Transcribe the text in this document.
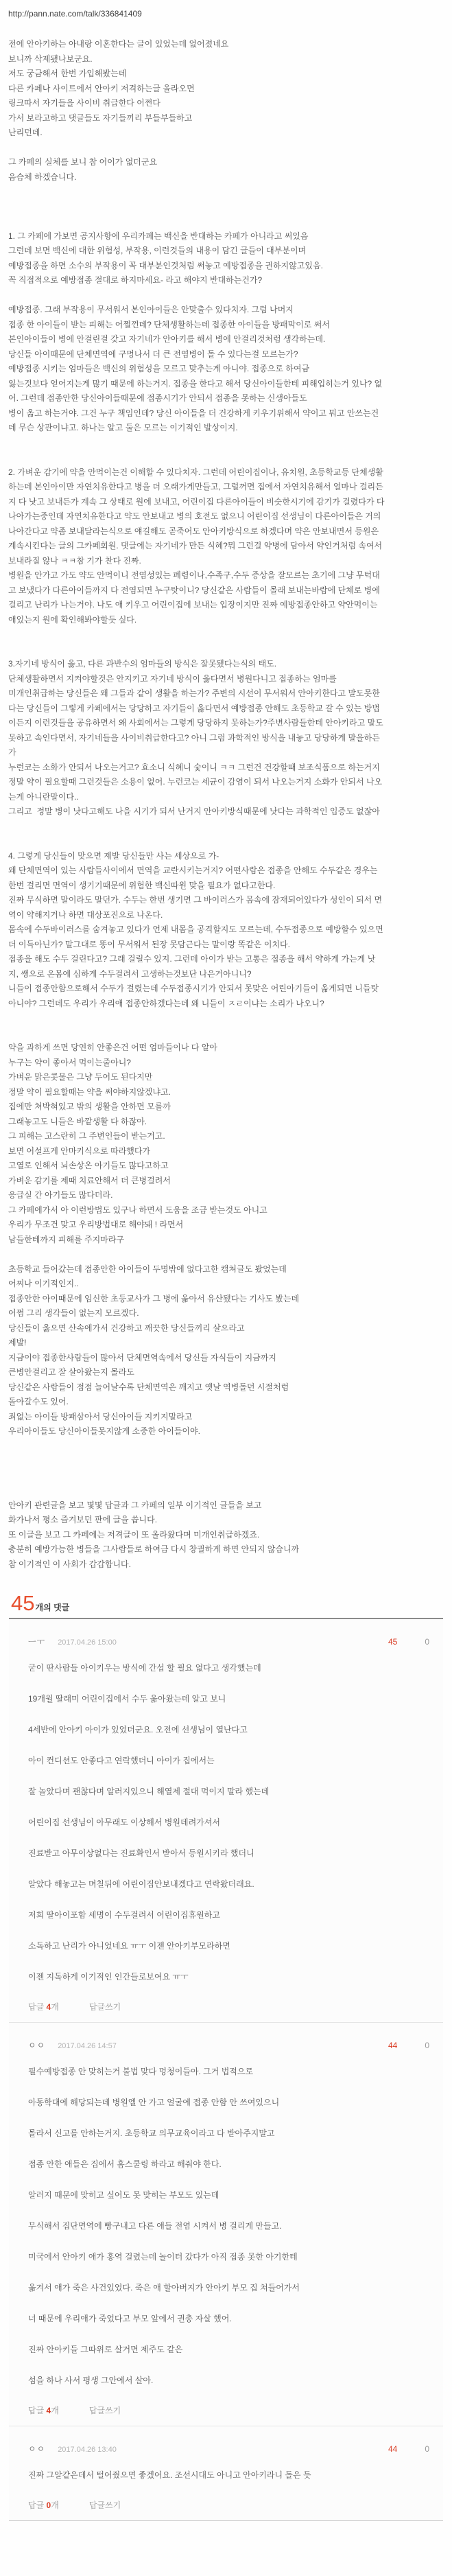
http://pann.nate.com/talk/336841409

전에 안아키하는 아내랑 이혼한다는 글이 있었는데 없어졌네요

보니까 삭제됐나보군요.

저도 궁금해서 한번 가입해봤는데

다른 카페나 사이트에서 안아키 저격하는글 올라오면

링크따서 자기들을 사이비 취급한다 어쩐다

가서 보라고하고 댓글들도 자기들끼리 부들부들하고

난리던데.

그 카페의 실체를 보니 참 어이가 없더군요

음슴체 하겠습니다.

1. 그 카페에 가보면 공지사항에 우리카페는 백신을 반대하는 카페가 아니라고 써있음

그런데 보면 백신에 대한 위험성, 부작용, 이런것들의 내용이 담긴 글들이 대부분이며

예방접종을 하면 소수의 부작용이 꼭 대부분인것처럼 써놓고 예방접종을 권하지않고있음.

꼭 직접적으로 예방접종 절대로 하지마세요- 라고 해야지 반대하는건가?

예방접종. 그래 부작용이 무서워서 본인아이들은 안맞출수 있다치자. 그럼 나머지

접종 한 아이들이 받는 피해는 어쩔껀데? 단체생활하는데 접종한 아이들을 방패막이로 써서

본인아이들이 병에 안걸린걸 갖고 자기네가 안아키를 해서 병에 안걸리것처럼 생각하는데.

당신들 아이때문에 단체면역에 구멍나서 더 큰 전염병이 돌 수 있다는걸 모르는가?

예방접종 시키는 엄마들은 백신의 위험성을 모르고 맞추는게 아니야. 접종으로 하여금

잃는것보다 얻어지는게 많기 때문에 하는거지. 접종을 한다고 해서 당신아이들한테 피해입히는거 있나? 없

어. 그런데 접종안한 당신아이들때문에 접종시기가 안되서 접종을 못하는 신생아들도

병이 옮고 하는거야. 그건 누구 책임인데? 당신 아이들을 더 건강하게 키우기위해서 약이고 뭐고 안쓰는건

데 무슨 상관이냐고. 하나는 알고 둘은 모르는 이기적인 발상이지.

2. 가벼운 감기에 약을 안먹이는건 이해할 수 있다치자. 그런데 어린이집이나, 유치원, 초등학교등 단체생활

하는데 본인아이만 자연치유한다고 병을 더 오래가게만들고, 그럴꺼면 집에서 자연치유해서 얼마나 걸리든

지 다 낫고 보내든가 계속 그 상태로 원에 보내고, 어린이집 다른아이들이 비슷한시기에 감기가 걸렸다가 다

나아가는중인데 자연치유한다고 약도 안보내고 병의 호전도 없으니 어린이집 선생님이 다른아이들은 거의

나아간다고 약좀 보내달라는식으로 얘길해도 곧죽어도 안아키방식으로 하겠다며 약은 안보내면서 등원은

계속시킨다는 글의 그카페회원. 댓글에는 자기네가 만든 식혜?뭐 그런걸 약병에 담아서 약인거처럼 속여서

보내라질 않나 ㅋㅋ참 기가 찬다 진짜.

병원을 안가고 가도 약도 안먹이니 전염성있는 폐렴이나,수족구,수두 증상을 잘모르는 초기에 그냥 무턱대

고 보냈다가 다른아이들까지 다 전염되면 누구탓이니? 당신같은 사람들이 몰래 보내는바람에 단체로 병에

걸리고 난리가 나는거야. 나도 애 키우고 어린이집에 보내는 입장이지만 진짜 예방접종안하고 약안먹이는

애있는지 원에 확인해봐야할듯 싶다.

3.자기네 방식이 옳고, 다른 과반수의 엄마들의 방식은 잘못됐다는식의 태도.

단체생활하면서 지켜야할것은 안지키고 자기네 방식이 옳다면서 병원다니고 접종하는 엄마를

미개인취급하는 당신들은 왜 그들과 같이 생활을 하는가? 주변의 시선이 무서워서 안아키한다고 말도못한

다는 당신들이 그렇게 카페에서는 당당하고 자기들이 옳다면서 예방접종 안해도 초등학교 갈 수 있는 방법

이든지 이런것들을 공유하면서 왜 사회에서는 그렇게 당당하지 못하는가?주변사람들한테 안아키라고 말도

못하고 속인다면서, 자기네들을 사이비취급한다고? 아니 그럼 과학적인 방식을 내놓고 당당하게 말을하든

가

누런코는 소화가 안되서 나오는거고? 효소니 식혜니 숯이니 ㅋㅋ 그런건 건강할때 보조식품으로 하는거지

정말 약이 필요할때 그런것들은 소용이 없어. 누런코는 세균이 감염이 되서 나오는거지 소화가 안되서 나오

는게 아니란말이다..

그리고  정말 병이 낫다고해도 나을 시기가 되서 난거지 안아키방식때문에 낫다는 과학적인 입증도 없잖아

4. 그렇게 당신들이 맞으면 제발 당신들만 사는 세상으로 가-

왜 단체면역이 있는 사람들사이에서 면역을 교란시키는거지? 어떤사람은 접종을 안해도 수두같은 경우는

한번 걸리면 면역이 생기기때문에 위험한 백신따윈 맞을 필요가 없다고한다.

진짜 무식하면 말이라도 말던가. 수두는 한번 생기면 그 바이러스가 몸속에 잠재되어있다가 성인이 되서 면

역이 약해지거나 하면 대상포진으로 나온다.

몸속에 수두바이러스를 숨겨놓고 있다가 언제 내몸을 공격할지도 모르는데, 수두접종으로 예방할수 있으면

더 이득아닌가? 말그대로 똥이 무서워서 된장 못담근다는 말이랑 똑같은 이치다.

접종을 해도 수두 걸린다고? 그래 걸릴수 있지. 그런데 아이가 받는 고통은 접종을 해서 약하게 가는게 낫

지, 쌩으로 온몸에 심하게 수두걸려서 고생하는것보단 나은거아니니?

니들이 접종안함으로해서 수두가 걸렸는데 수두접종시기가 안되서 못맞은 어린아기들이 옮게되면 니들탓

아니야? 그런데도 우리가 우리애 접종안하겠다는데 왜 니들이 ㅈㄹ이냐는 소리가 나오니?

약을 과하게 쓰면 당연히 안좋은건 어떤 엄마들이나 다 알아

누구는 약이 좋아서 먹이는줄아니?

가벼운 맑은콧물은 그냥 두어도 된다지만

정말 약이 필요할때는 약을 써야하지않겠냐고.

집에만 쳐박혀있고 밖의 생활을 안하면 모를까

그래놓고도 니들은 바깥생활 다 하잖아.

그 피해는 고스란히 그 주변인들이 받는거고.

보면 어설프게 안마키식으로 따라했다가

고열로 인해서 뇌손상온 아기들도 많다고하고

가벼운 감기를 제때 치료안해서 더 큰병걸려서

응급실 간 아기들도 많다더라.

그 카페에가서 아 이런방법도 있구나 하면서 도움을 조금 받는것도 아니고

우리가 무조건 맞고 우리방법대로 해야돼 ! 라면서

남들한테까지 피해를 주지마라구

초등학교 들어갔는데 접종안한 아이들이 두명밖에 없다고한 캡쳐글도 봤었는데

어찌나 이기적인지..

접종안한 아이때문에 임신한 초등교사가 그 병에 옮아서 유산됐다는 기사도 봤는데

어쩜 그리 생각들이 없는지 모르겠다.

당신들이 옳으면 산속에가서 건강하고 깨끗한 당신들끼리 살으라고

제발!

지금이야 접종한사람들이 많아서 단체면역속에서 당신들 자식들이 지금까지

큰병안걸리고 잘 살아왔는지 몰라도

당신같은 사람들이 점점 늘어날수록 단체면역은 깨지고 옛날 역병돌던 시절처럼

돌아갈수도 있어.

죄없는 아이들 방패삼아서 당신아이들 지키지말라고

우리아이들도 당신아이들못지않게 소중한 아이들이야.

안아키 관련글을 보고 몇몇 답글과 그 카페의 일부 이기적인 글들을 보고

화가나서 평소 즐겨보던 판에 글을 씁니다.

또 이글을 보고 그 카페에는 저격글이 또 올라왔다며 미개인취급하겠죠.

충분히 예방가능한 병들을 그사람들로 하여금 다시 창궐하게 하면 안되지 않습니까

참 이기적인 이 사회가 갑갑합니다.

45개의 댓글
ㅡㅜ 2017.04.26 15:00	45	0

굳이 딴사람들 아이키우는 방식에 간섭 할 필요 없다고 생각했는데

19개월 딸래미 어린이집에서 수두 옮아왔는데 알고 보니

4세반에 안아키 아이가 있었더군요. 오전에 선생님이 열난다고

아이 컨디션도 안좋다고 연락했더니 아이가 집에서는

잘 놀았다며 괜찮다며 알러지있으니 해열제 절대 먹이지 말라 했는데

어린이집 선생님이 아무래도 이상해서 병원데려가셔서

진료받고 아무이상없다는 진료확인서 받아서 등원시키라 했더니

알았다 해놓고는 며칠뒤에 어린이집안보내겠다고 연락왔더래요.

저희 딸아이포함 세명이 수두걸려서 어린이집휴원하고

소독하고 난리가 아니었네요 ㅠㅜ 이젠 안아키부모라하면

이젠 지독하게 이기적인 인간들로보여요 ㅠㅜ

답글 4개	답글쓰기
ㅇㅇ 2017.04.26 14:57	44	0

필수예방접종 안 맞히는거 불법 맞다 멍청이들아. 그거 법적으로

아동학대에 해당되는데 병원엘 안 가고 얼굴에 접종 안함 안 쓰여있으니

몰라서 신고를 안하는거지. 초등학교 의무교육이라고 다 받아주지말고

접종 안한 애들은 집에서 홈스쿨링 하라고 해줘야 한다.

알러지 때문에 맞히고 싶어도 못 맞히는 부모도 있는데

무식해서 집단면역에 빵구내고 다른 애들 전염 시켜서 병 걸리게 만들고.

미국에서 안아키 애가 홍역 걸렸는데 놀이터 갔다가 아직 접종 못한 아기한테

옮겨서 애가 죽은 사건있었다. 죽은 애 할아버지가 안아키 부모 집 쳐들어가서

너 때문에 우리애가 죽었다고 부모 앞에서 권총 자살 했어.

진짜 안아키들 그따위로 살거면 제주도 같은

섬을 하나 사서 평생 그안에서 살아.

답글 4개	답글쓰기
ㅇㅇ 2017.04.26 13:40	44	0

진짜 그알같은데서 털어줬으면 좋겠어요. 조선시대도 아니고 안아키라니 돌은 듯

답글 0개	답글쓰기
